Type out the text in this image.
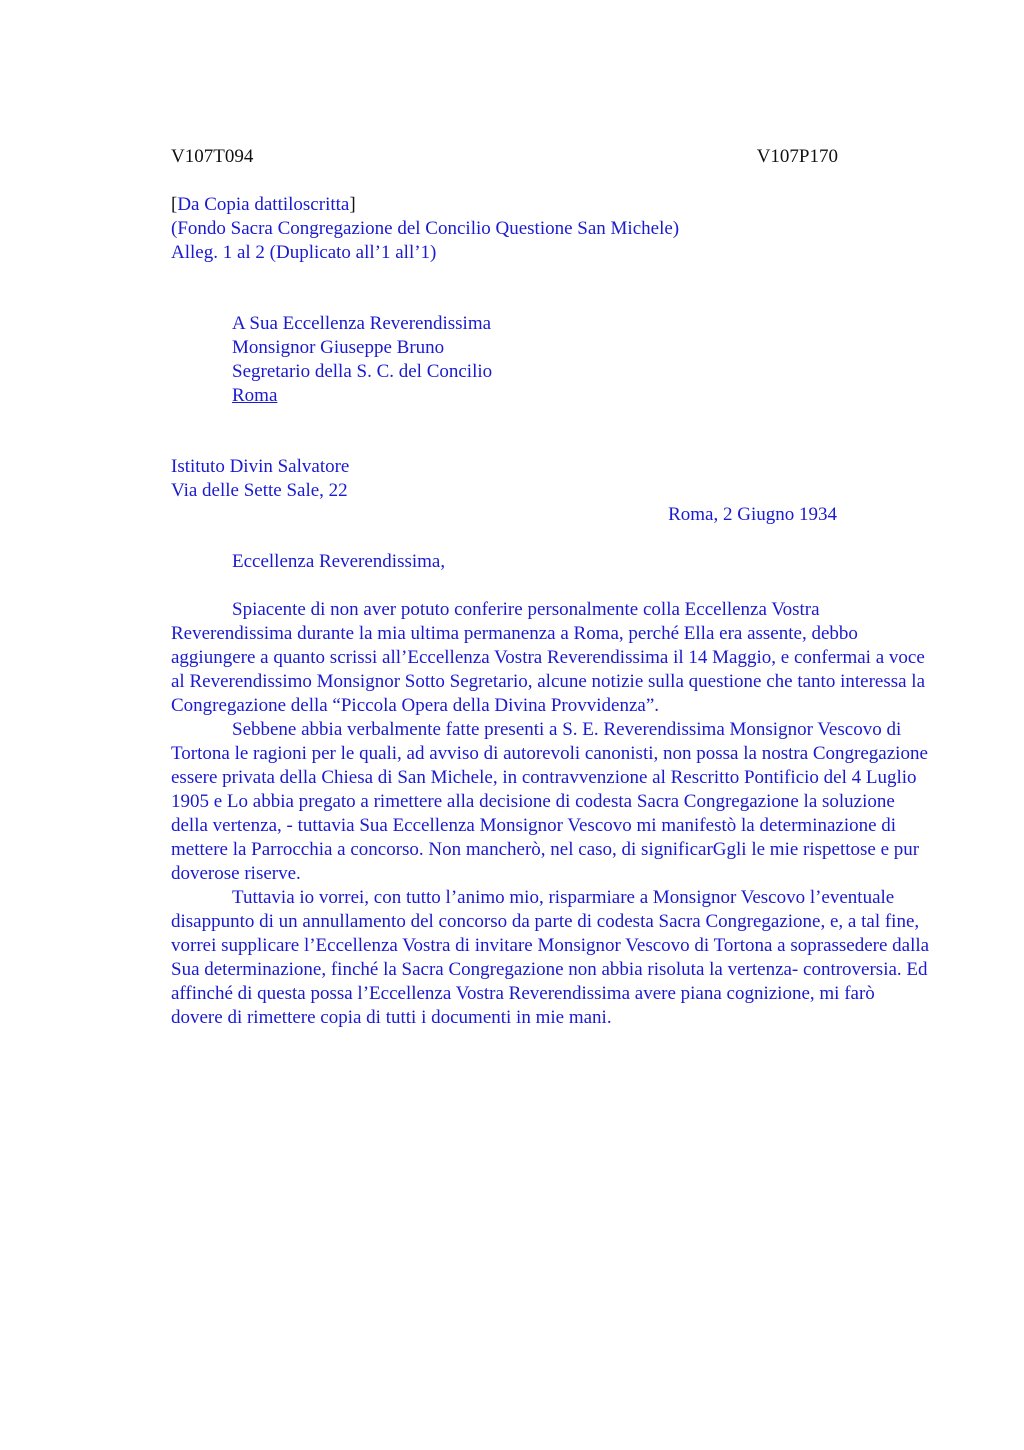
V107T094	V107P170
[Da Copia dattiloscritta]
(Fondo Sacra Congregazione del Concilio Questione San Michele)
Alleg. 1 al 2 (Duplicato all’1 all’1)
A Sua Eccellenza Reverendissima
Monsignor Giuseppe Bruno
Segretario della S. C. del Concilio
Roma
Istituto Divin Salvatore
Via delle Sette Sale, 22
Roma, 2 Giugno 1934
Eccellenza Reverendissima,

Spiacente di non aver potuto conferire personalmente colla Eccellenza Vostra Reverendissima durante la mia ultima permanenza a Roma, perché Ella era assente, debbo aggiungere a quanto scrissi all’Eccellenza Vostra Reverendissima il 14 Maggio, e confermai a voce al Reverendissimo Monsignor Sotto Segretario, alcune notizie sulla questione che tanto interessa la Congregazione della “Piccola Opera della Divina Provvidenza”.

Sebbene abbia verbalmente fatte presenti a S. E. Reverendissima Monsignor Vescovo di Tortona le ragioni per le quali, ad avviso di autorevoli canonisti, non possa la nostra Congregazione essere privata della Chiesa di San Michele, in contravvenzione al Rescritto Pontificio del 4 Luglio 1905 e Lo abbia pregato a rimettere alla decisione di codesta Sacra Congregazione la soluzione della vertenza, - tuttavia Sua Eccellenza Monsignor Vescovo mi manifestò la determinazione di mettere la Parrocchia a concorso. Non mancherò, nel caso, di significarGgli le mie rispettose e pur doverose riserve.

Tuttavia io vorrei, con tutto l’animo mio, risparmiare a Monsignor Vescovo l’eventuale disappunto di un annullamento del concorso da parte di codesta Sacra Congregazione, e, a tal fine, vorrei supplicare l’Eccellenza Vostra di invitare Monsignor Vescovo di Tortona a soprassedere dalla Sua determinazione, finché la Sacra Congregazione non abbia risoluta la vertenza- controversia. Ed affinché di questa possa l’Eccellenza Vostra Reverendissima avere piana cognizione, mi farò dovere di rimettere copia di tutti i documenti in mie mani.
